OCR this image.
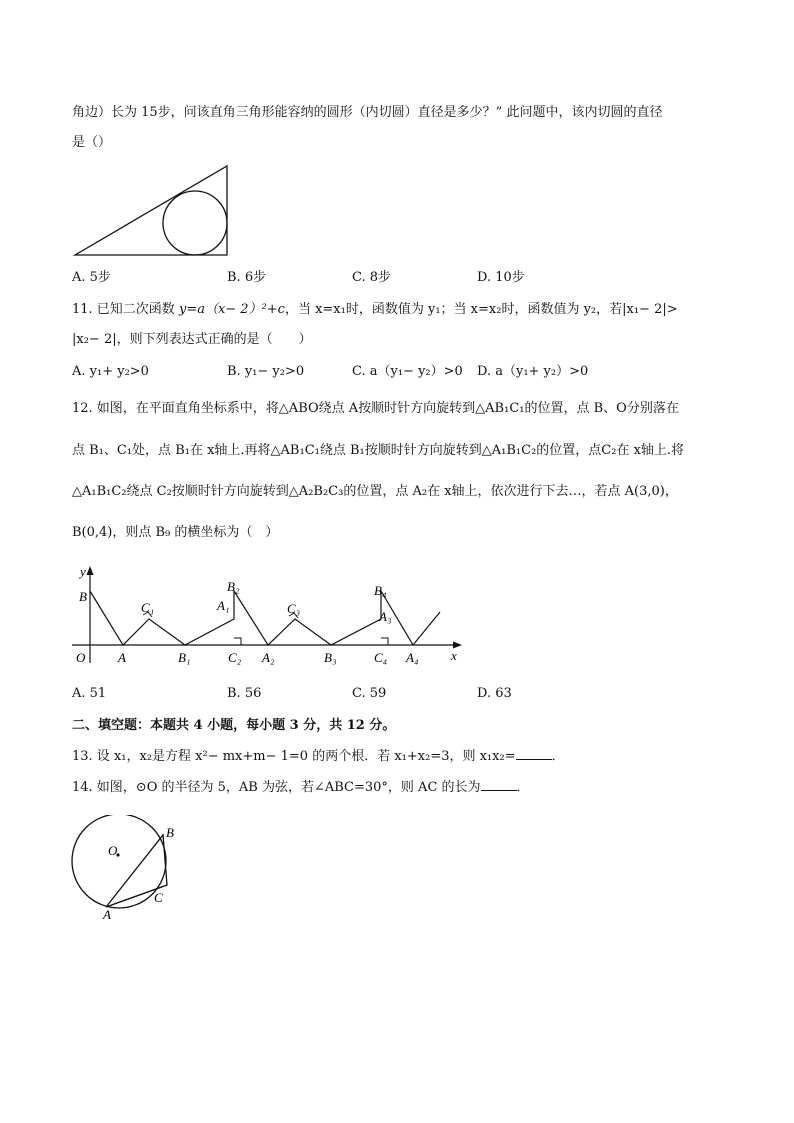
角边）长为 15步，问该直角三角形能容纳的圆形（内切圆）直径是多少？” 此问题中，该内切圆的直径
是（）
A. 5步	B. 6步	C. 8步	D. 10步
11. 已知二次函数 y=a（x− 2）²+c，当 x=x₁时，函数值为 y₁；当 x=x₂时，函数值为 y₂，若|x₁− 2|>
|x₂− 2|，则下列表达式正确的是（　　）
A. y₁+ y₂>0	B. y₁− y₂>0	C. a（y₁− y₂）>0 D. a（y₁+ y₂）>0
12. 如图，在平面直角坐标系中，将△ABO绕点 A按顺时针方向旋转到△AB₁C₁的位置，点 B、O分别落在
点 B₁、C₁处，点 B₁在 x轴上.再将△AB₁C₁绕点 B₁按顺时针方向旋转到△A₁B₁C₂的位置，点C₂在 x轴上.将
△A₁B₁C₂绕点 C₂按顺时针方向旋转到△A₂B₂C₃的位置，点 A₂在 x轴上，依次进行下去…，若点 A(3,0)，
B(0,4)，则点 B₉ 的横坐标为（　）
y
x
O
B
A
C₁
B₁
A₁
B₂
C₂ A₂
C₃
B₃
B₄
A₃
C₄ A₄
A. 51	B. 56	C. 59	D. 63
二、填空题：本题共 4 小题，每小题 3 分，共 12 分。
13. 设 x₁，x₂是方程 x²− mx+m− 1=0 的两个根．若 x₁+x₂=3，则 x₁x₂=	．
14. 如图，⊙O 的半径为 5，AB 为弦，若∠ABC=30°，则 AC 的长为	．
O
B
C
A
